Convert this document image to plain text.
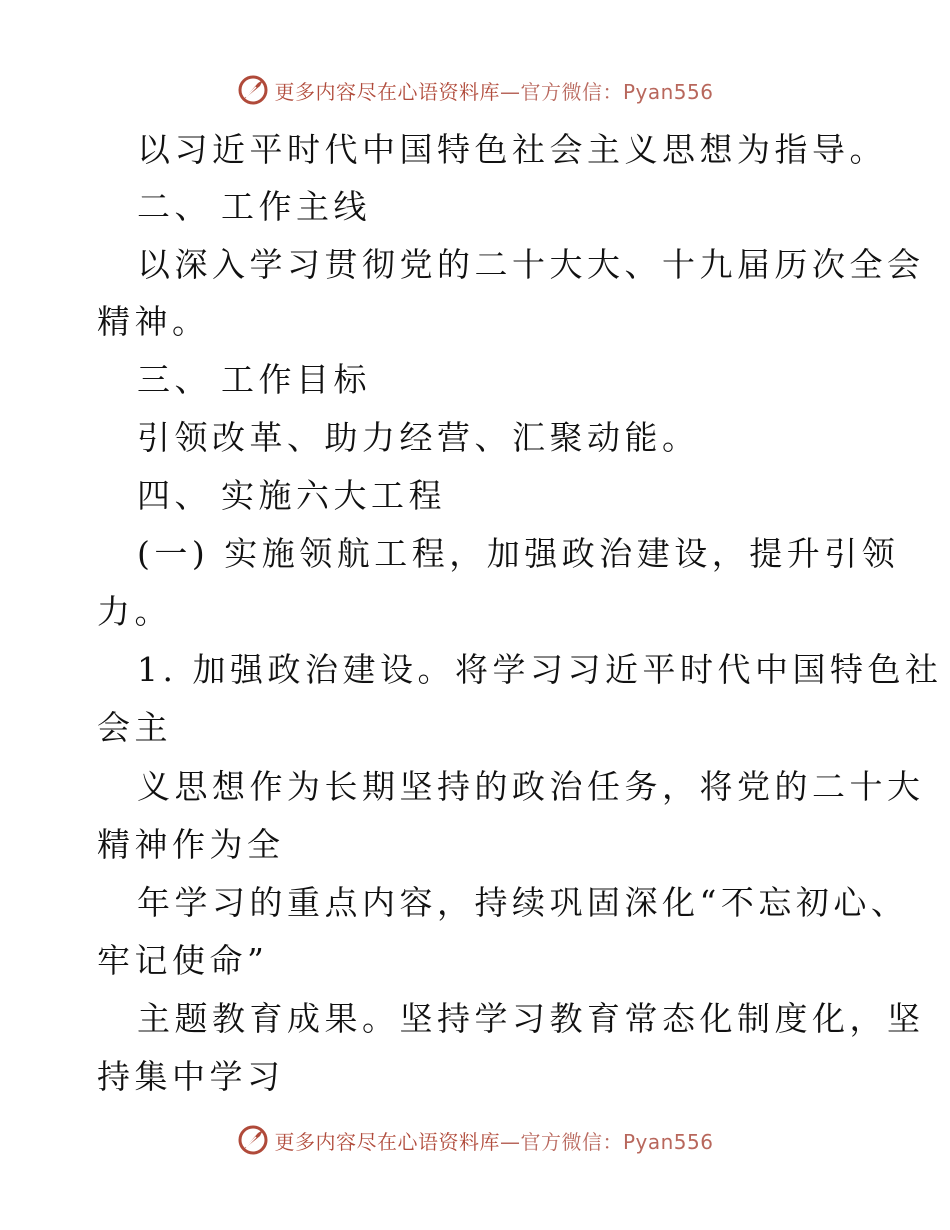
更多内容尽在心语资料库—官方微信：Pyan556
以习近平时代中国特色社会主义思想为指导。
二、 工作主线
以深入学习贯彻党的二十大大、十九届历次全会
精神。
三、 工作目标
引领改革、助力经营、汇聚动能。
四、 实施六大工程
(一) 实施领航工程，加强政治建设，提升引领
力。
1. 加强政治建设。将学习习近平时代中国特色社
会主
义思想作为长期坚持的政治任务，将党的二十大
精神作为全
年学习的重点内容，持续巩固深化“不忘初心、
牢记使命”
主题教育成果。坚持学习教育常态化制度化，坚
持集中学习
更多内容尽在心语资料库—官方微信：Pyan556
